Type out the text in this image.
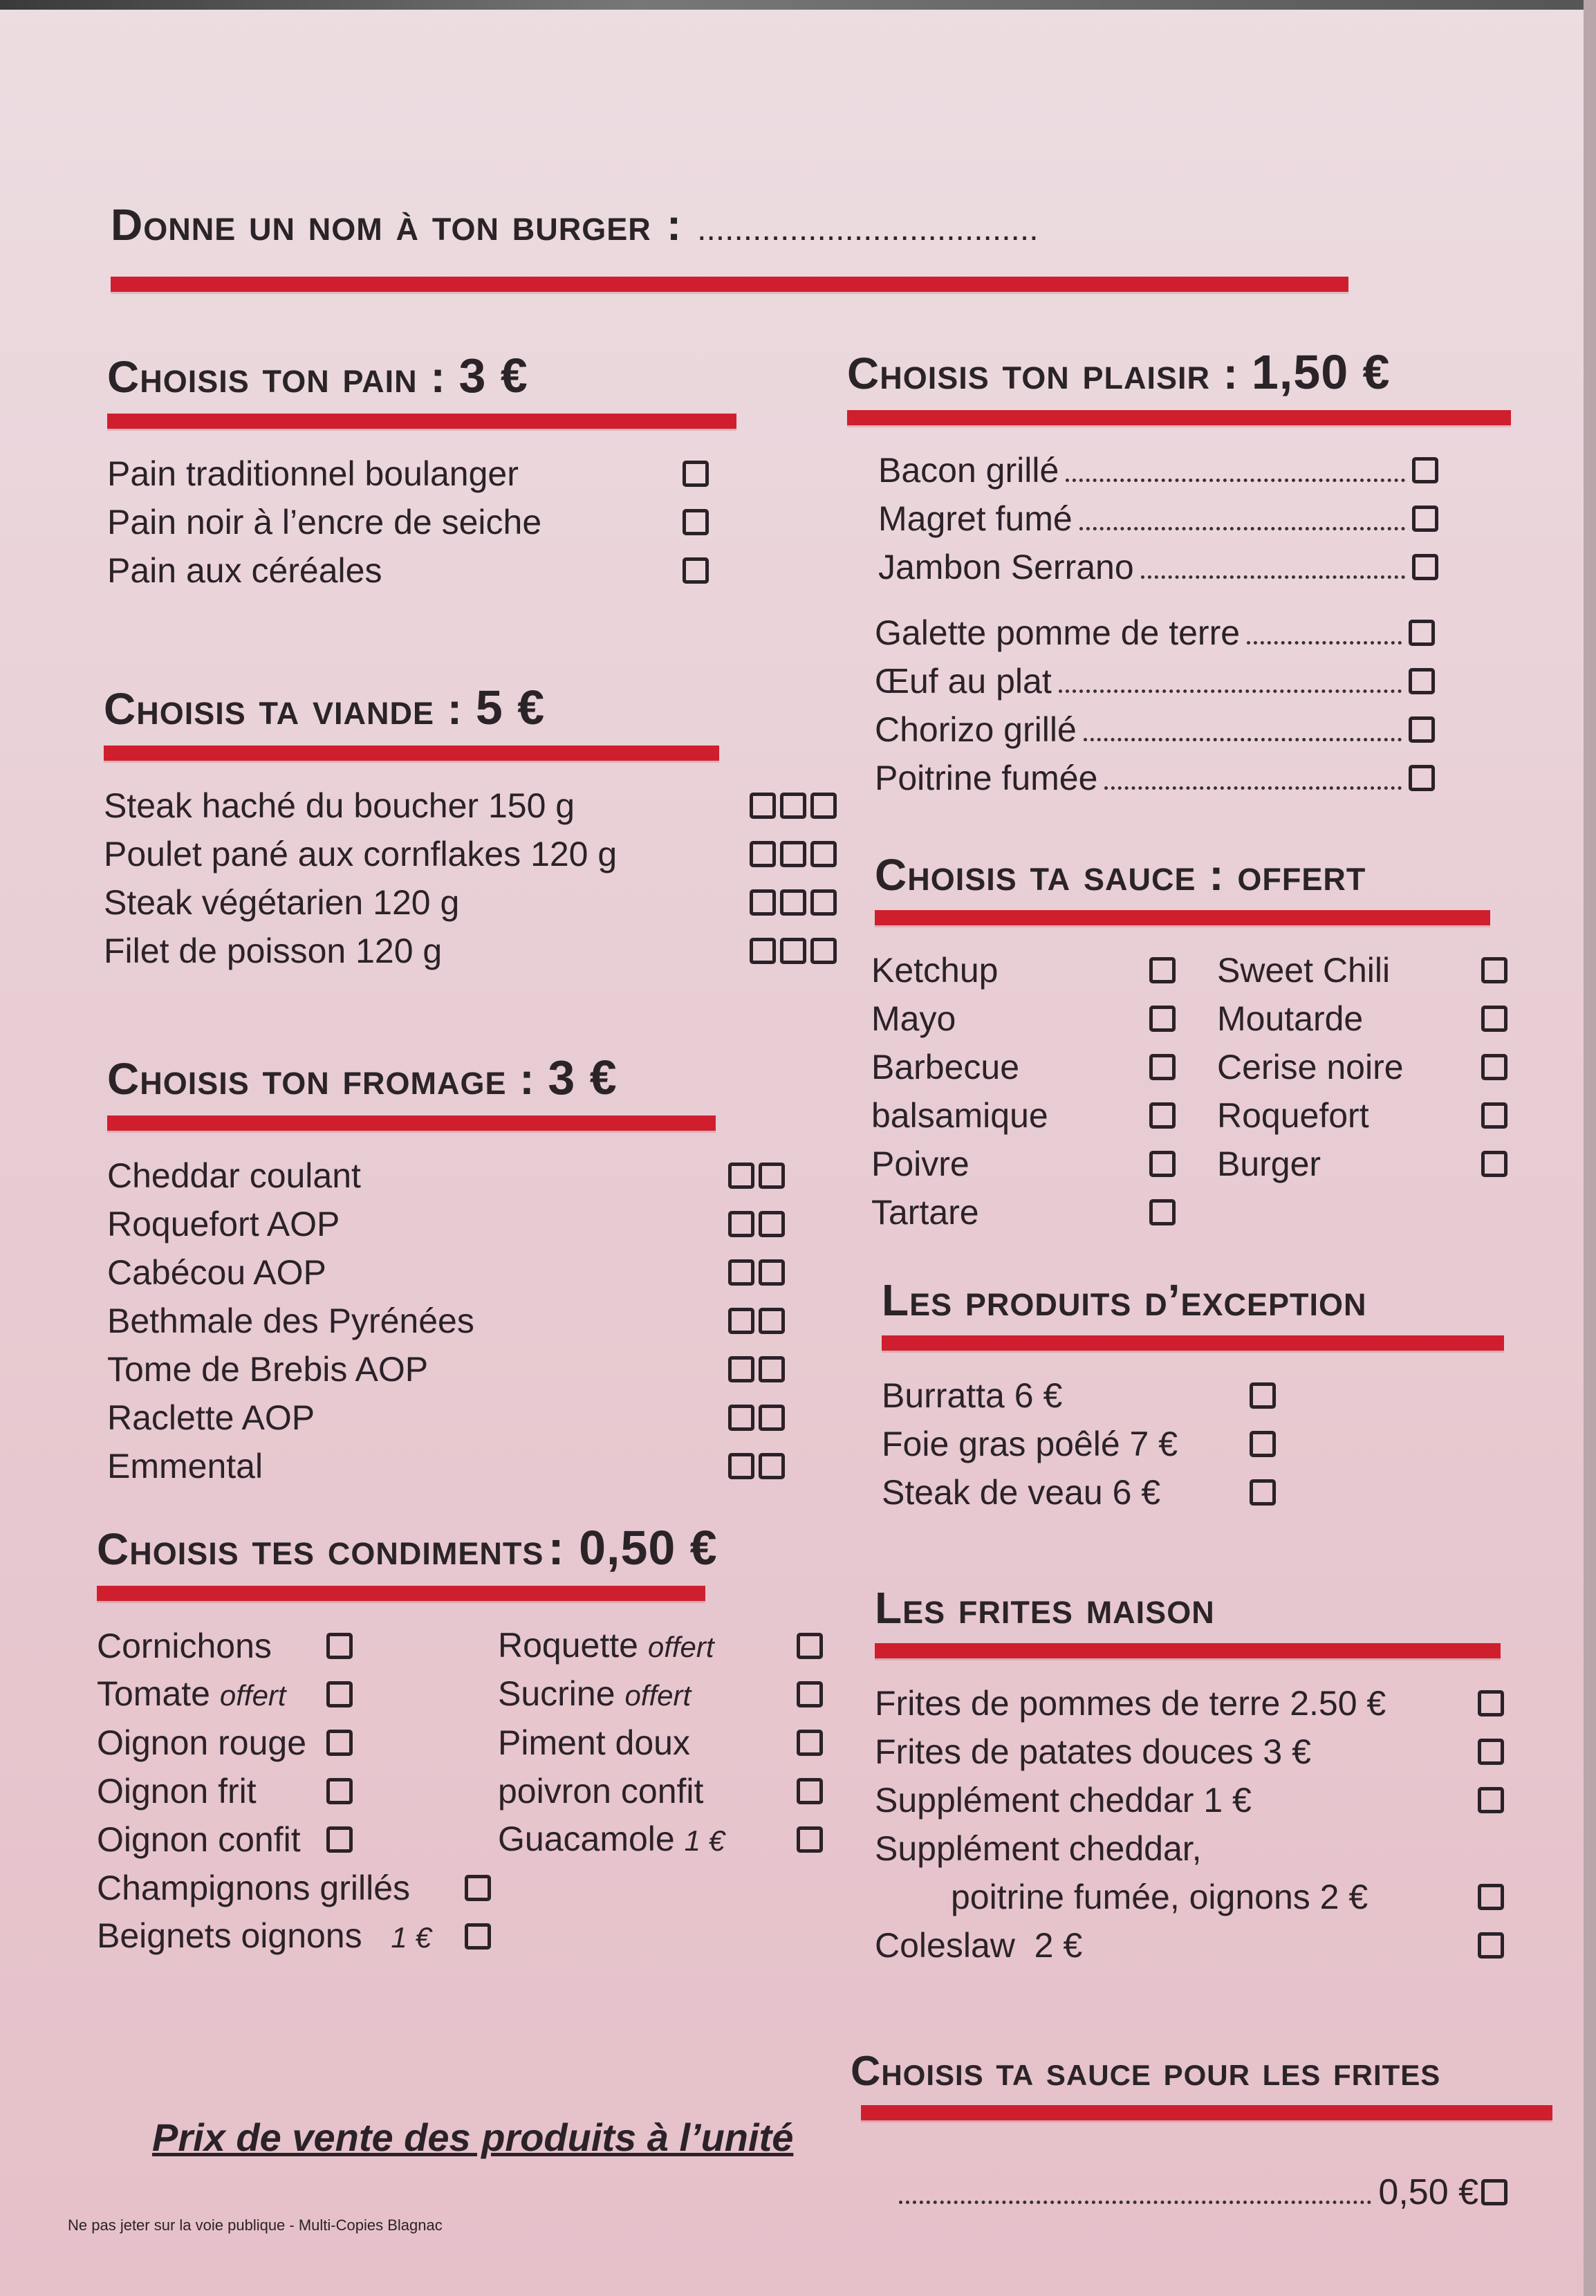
Donne un nom à ton burger : .....................................
Choisis ton pain : 3 €
Pain traditionnel boulanger
Pain noir à l’encre de seiche
Pain aux céréales
Choisis ta viande : 5 €
Steak haché du boucher 150 g
Poulet pané aux cornflakes 120 g
Steak végétarien 120 g
Filet de poisson 120 g
Choisis ton fromage : 3 €
Cheddar coulant
Roquefort AOP
Cabécou AOP
Bethmale des Pyrénées
Tome de Brebis AOP
Raclette AOP
Emmental
Choisis tes condiments : 0,50 €
Cornichons
Tomate offert
Oignon rouge
Oignon frit
Oignon confit
Roquette offert
Sucrine offert
Piment doux
poivron confit
Guacamole 1 €
Champignons grillés
Beignets oignons 1 €
Choisis ton plaisir : 1,50 €
Bacon grillé
Magret fumé
Jambon Serrano
Galette pomme de terre
Œuf au plat
Chorizo grillé
Poitrine fumée
Choisis ta sauce : offert
Ketchup
Mayo
Barbecue
balsamique
Poivre
Tartare
Sweet Chili
Moutarde
Cerise noire
Roquefort
Burger
Les produits d’exception
Burratta 6 €
Foie gras poêlé 7 €
Steak de veau 6 €
Les frites maison
Frites de pommes de terre 2.50 €
Frites de patates douces 3 €
Supplément cheddar 1 €
Supplément cheddar,
poitrine fumée, oignons 2 €
Coleslaw  2 €
Choisis ta sauce pour les frites
0,50 €
Prix de vente des produits à l’unité
Ne pas jeter sur la voie publique - Multi-Copies Blagnac
